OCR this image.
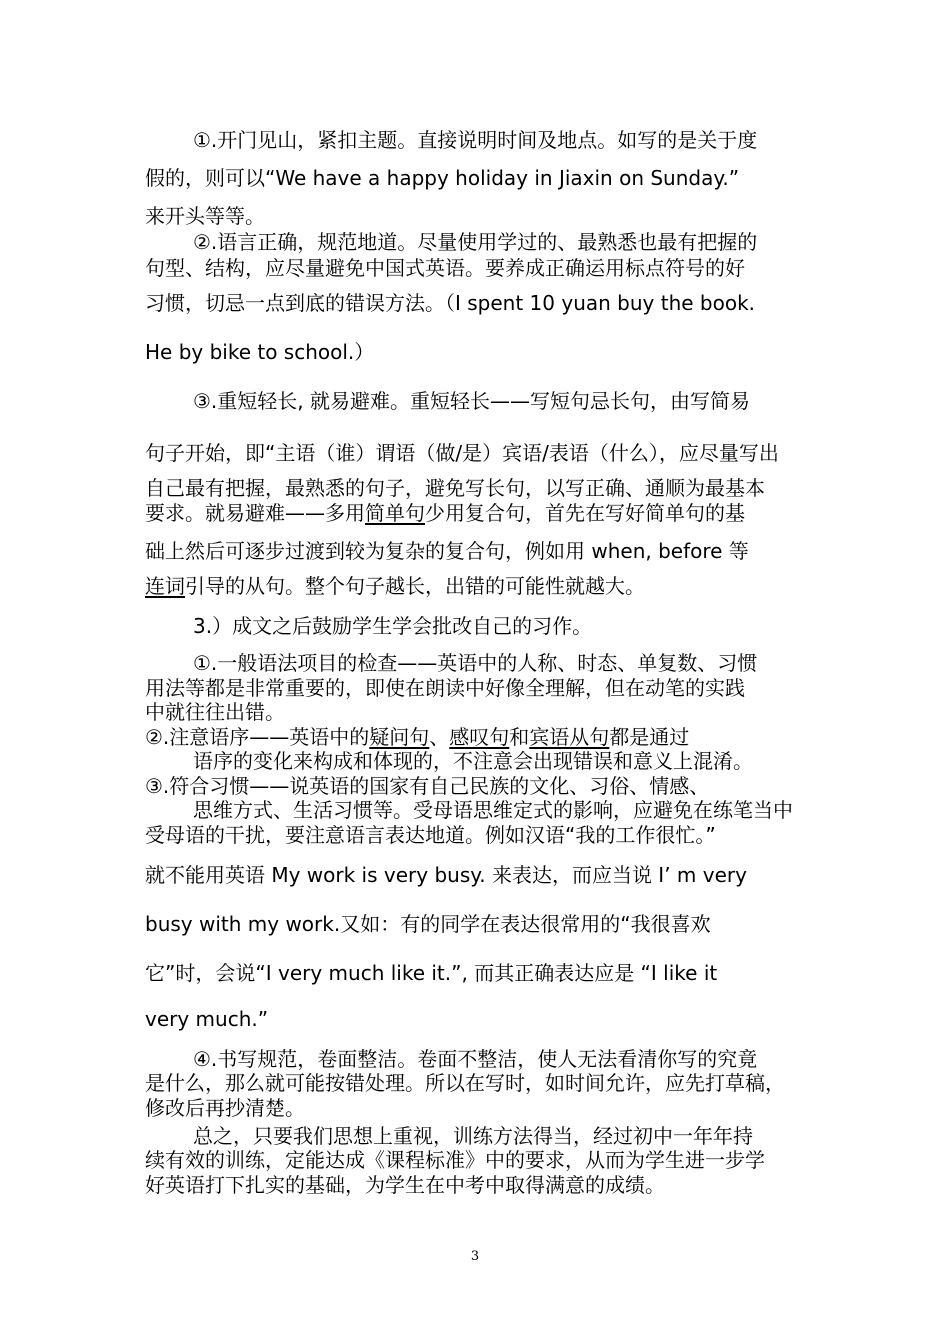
①.开门见山，紧扣主题。直接说明时间及地点。如写的是关于度
假的，则可以“We have a happy holiday in Jiaxin on Sunday.”
来开头等等。
②.语言正确，规范地道。尽量使用学过的、最熟悉也最有把握的
句型、结构，应尽量避免中国式英语。要养成正确运用标点符号的好
习惯，切忌一点到底的错误方法。（I spent 10 yuan buy the book.
He by bike to school.）
③.重短轻长, 就易避难。重短轻长——写短句忌长句，由写简易
句子开始，即“主语（谁）谓语（做/是）宾语/表语（什么），应尽量写出
自己最有把握，最熟悉的句子，避免写长句，以写正确、通顺为最基本
要求。就易避难——多用简单句少用复合句，首先在写好简单句的基
础上然后可逐步过渡到较为复杂的复合句，例如用 when, before 等
连词引导的从句。整个句子越长，出错的可能性就越大。
3.）成文之后鼓励学生学会批改自己的习作。
①.一般语法项目的检查——英语中的人称、时态、单复数、习惯
用法等都是非常重要的，即使在朗读中好像全理解，但在动笔的实践
中就往往出错。
②.注意语序——英语中的疑问句、感叹句和宾语从句都是通过
语序的变化来构成和体现的，不注意会出现错误和意义上混淆。
③.符合习惯——说英语的国家有自己民族的文化、习俗、情感、
思维方式、生活习惯等。受母语思维定式的影响，应避免在练笔当中
受母语的干扰，要注意语言表达地道。例如汉语“我的工作很忙。”
就不能用英语 My work is very busy. 来表达，而应当说 I’ m very
busy with my work.又如：有的同学在表达很常用的“我很喜欢
它”时，会说“I very much like it.”, 而其正确表达应是 “I like it
very much.”
④.书写规范，卷面整洁。卷面不整洁，使人无法看清你写的究竟
是什么，那么就可能按错处理。所以在写时，如时间允许，应先打草稿，
修改后再抄清楚。
总之，只要我们思想上重视，训练方法得当，经过初中一年年持
续有效的训练，定能达成《课程标准》中的要求，从而为学生进一步学
好英语打下扎实的基础，为学生在中考中取得满意的成绩。
3
